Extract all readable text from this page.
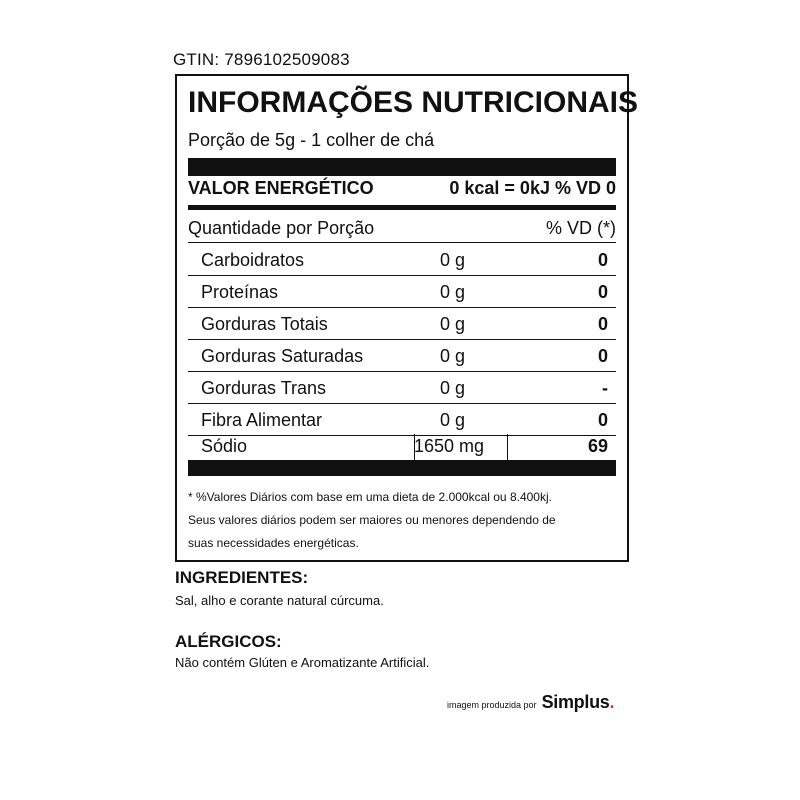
GTIN: 7896102509083
INFORMAÇÕES NUTRICIONAIS
Porção de 5g - 1 colher de chá
VALOR ENERGÉTICO	0 kcal = 0kJ % VD 0
Quantidade por Porção	% VD (*)
Carboidratos	0 g	0
Proteínas	0 g	0
Gorduras Totais	0 g	0
Gorduras Saturadas	0 g	0
Gorduras Trans	0 g	-
Fibra Alimentar	0 g	0
Sódio	1650 mg	69

* %Valores Diários com base em uma dieta de 2.000kcal ou 8.400kj.

Seus valores diários podem ser maiores ou menores dependendo de

suas necessidades energéticas.

INGREDIENTES:
Sal, alho e corante natural cúrcuma.
ALÉRGICOS:
Não contém Glúten e Aromatizante Artificial.
imagem produzida por Simplus .
